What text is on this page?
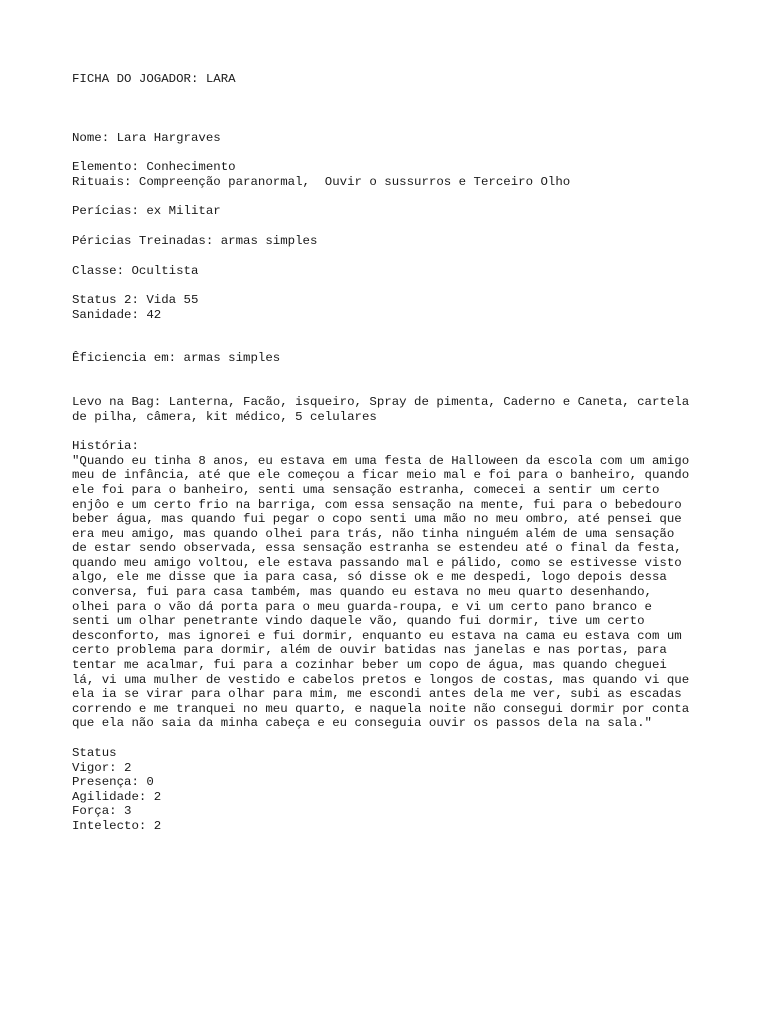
FICHA DO JOGADOR: LARA
Nome: Lara Hargraves
Elemento: Conhecimento
Rituais: Compreenção paranormal,  Ouvir o sussurros e Terceiro Olho
Perícias: ex Militar
Péricias Treinadas: armas simples
Classe: Ocultista
Status 2: Vida 55
Sanidade: 42
Êficiencia em: armas simples
Levo na Bag: Lanterna, Facão, isqueiro, Spray de pimenta, Caderno e Caneta, cartela
de pilha, câmera, kit médico, 5 celulares
História:
"Quando eu tinha 8 anos, eu estava em uma festa de Halloween da escola com um amigo
meu de infância, até que ele começou a ficar meio mal e foi para o banheiro, quando
ele foi para o banheiro, senti uma sensação estranha, comecei a sentir um certo
enjôo e um certo frio na barriga, com essa sensação na mente, fui para o bebedouro
beber água, mas quando fui pegar o copo senti uma mão no meu ombro, até pensei que
era meu amigo, mas quando olhei para trás, não tinha ninguém além de uma sensação
de estar sendo observada, essa sensação estranha se estendeu até o final da festa,
quando meu amigo voltou, ele estava passando mal e pálido, como se estivesse visto
algo, ele me disse que ia para casa, só disse ok e me despedi, logo depois dessa
conversa, fui para casa também, mas quando eu estava no meu quarto desenhando,
olhei para o vão dá porta para o meu guarda-roupa, e vi um certo pano branco e
senti um olhar penetrante vindo daquele vão, quando fui dormir, tive um certo
desconforto, mas ignorei e fui dormir, enquanto eu estava na cama eu estava com um
certo problema para dormir, além de ouvir batidas nas janelas e nas portas, para
tentar me acalmar, fui para a cozinhar beber um copo de água, mas quando cheguei
lá, vi uma mulher de vestido e cabelos pretos e longos de costas, mas quando vi que
ela ia se virar para olhar para mim, me escondi antes dela me ver, subi as escadas
correndo e me tranquei no meu quarto, e naquela noite não consegui dormir por conta
que ela não saia da minha cabeça e eu conseguia ouvir os passos dela na sala."
Status
Vigor: 2
Presença: 0
Agilidade: 2
Força: 3
Intelecto: 2
